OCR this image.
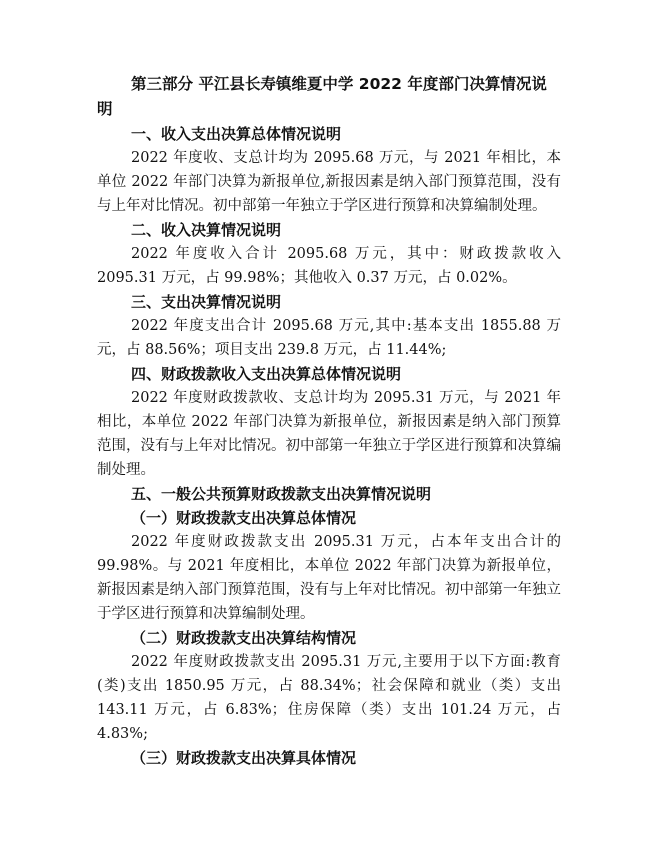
第三部分 平江县长寿镇维夏中学 2022 年度部门决算情况说明

一、收入支出决算总体情况说明

2022 年度收、支总计均为 2095.68 万元，与 2021 年相比，本单位 2022 年部门决算为新报单位,新报因素是纳入部门预算范围，没有与上年对比情况。初中部第一年独立于学区进行预算和决算编制处理。

二、收入决算情况说明

2022 年度收入合计 2095.68 万元，其中：财政拨款收入 2095.31 万元，占 99.98%；其他收入 0.37 万元，占 0.02%。

三、支出决算情况说明

2022 年度支出合计 2095.68 万元,其中:基本支出 1855.88 万元，占 88.56%；项目支出 239.8 万元，占 11.44%;

四、财政拨款收入支出决算总体情况说明

2022 年度财政拨款收、支总计均为 2095.31 万元，与 2021 年相比，本单位 2022 年部门决算为新报单位，新报因素是纳入部门预算范围，没有与上年对比情况。初中部第一年独立于学区进行预算和决算编制处理。

五、一般公共预算财政拨款支出决算情况说明

（一）财政拨款支出决算总体情况

2022 年度财政拨款支出 2095.31 万元，占本年支出合计的 99.98%。与 2021 年度相比，本单位 2022 年部门决算为新报单位，新报因素是纳入部门预算范围，没有与上年对比情况。初中部第一年独立于学区进行预算和决算编制处理。

（二）财政拨款支出决算结构情况

2022 年度财政拨款支出 2095.31 万元,主要用于以下方面:教育(类)支出 1850.95 万元，占 88.34%；社会保障和就业（类）支出 143.11 万元，占 6.83%；住房保障（类）支出 101.24 万元，占 4.83%;

（三）财政拨款支出决算具体情况
